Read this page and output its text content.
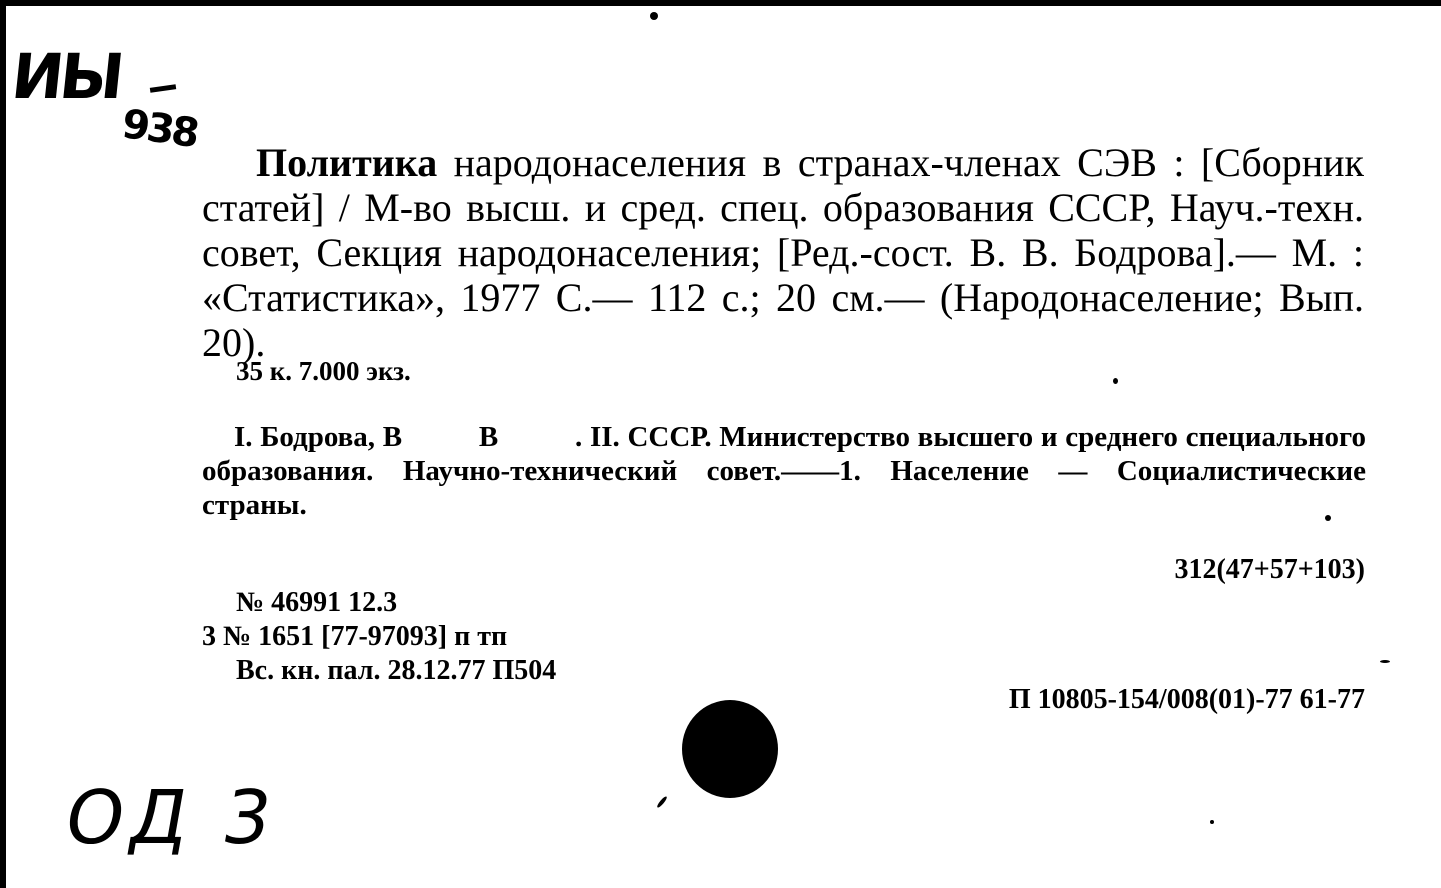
ИЫ
938
Политика народонаселения в странах-членах СЭВ : [Сборник статей] / М-во высш. и сред. спец. образования СССР, Науч.-техн. совет, Секция народонаселения; [Ред.-сост. В. В. Бодрова].— М. : «Статистика», 1977 С.— 112 с.; 20 см.— (Народонаселение; Вып. 20).
35 к. 7.000 экз.
I. Бодрова, В          В          . II. СССР. Министерство высшего и среднего специального образования. Научно-технический совет.——1. Население — Социалистические страны.
312(47+57+103)
№ 46991 12.3
3 № 1651 [77-97093] п тп
Вс. кн. пал. 28.12.77 П504
П 10805-154/008(01)-77 61-77
ОД 3
